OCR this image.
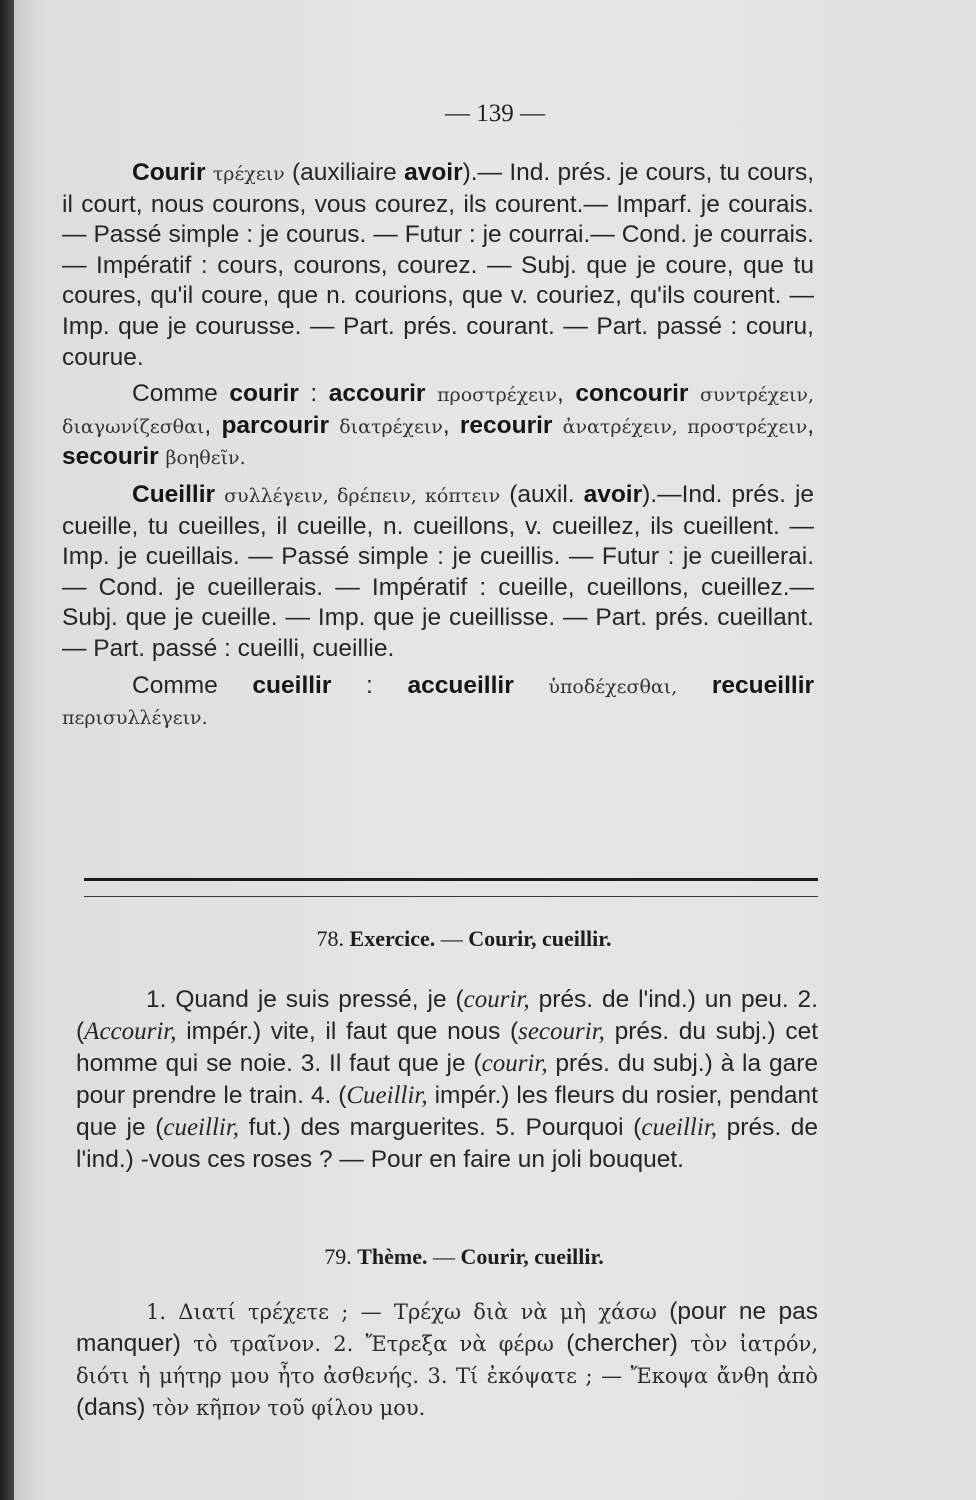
— 139 —

Courir τρέχειν (auxiliaire avoir).— Ind. prés. je cours, tu cours, il court, nous courons, vous courez, ils courent.— Imparf. je courais.— Passé simple : je courus. — Futur : je courrai.— Cond. je courrais. — Impératif : cours, courons, courez. — Subj. que je coure, que tu coures, qu'il coure, que n. courions, que v. couriez, qu'ils courent. — Imp. que je courusse. — Part. prés. courant. — Part. passé : couru, courue.

Comme courir : accourir προστρέχειν, concourir συντρέχειν, διαγωνίζεσθαι, parcourir διατρέχειν, recourir ἀνατρέχειν, προστρέχειν, secourir βοηθεῖν.

Cueillir συλλέγειν, δρέπειν, κόπτειν (auxil. avoir).—Ind. prés. je cueille, tu cueilles, il cueille, n. cueillons, v. cueillez, ils cueillent. — Imp. je cueillais. — Passé simple : je cueillis. — Futur : je cueillerai. — Cond. je cueillerais. — Impératif : cueille, cueillons, cueillez.—Subj. que je cueille. — Imp. que je cueillisse. — Part. prés. cueillant. — Part. passé : cueilli, cueillie.

Comme cueillir : accueillir ὑποδέχεσθαι, recueillir περισυλλέγειν.

78. Exercice. — Courir, cueillir.
1. Quand je suis pressé, je (courir, prés. de l'ind.) un peu. 2. (Accourir, impér.) vite, il faut que nous (secourir, prés. du subj.) cet homme qui se noie. 3. Il faut que je (courir, prés. du subj.) à la gare pour prendre le train. 4. (Cueillir, impér.) les fleurs du rosier, pendant que je (cueillir, fut.) des marguerites. 5. Pourquoi (cueillir, prés. de l'ind.) -vous ces roses ? — Pour en faire un joli bouquet.
79. Thème. — Courir, cueillir.
1. Διατί τρέχετε ; — Τρέχω διὰ νὰ μὴ χάσω (pour ne pas manquer) τὸ τραῖνον. 2. Ἔτρεξα νὰ φέρω (chercher) τὸν ἰατρόν, διότι ἡ μήτηρ μου ἦτο ἀσθενής. 3. Τί ἐκόψατε ; — Ἔκοψα ἄνθη ἀπὸ (dans) τὸν κῆπον τοῦ φίλου μου.
